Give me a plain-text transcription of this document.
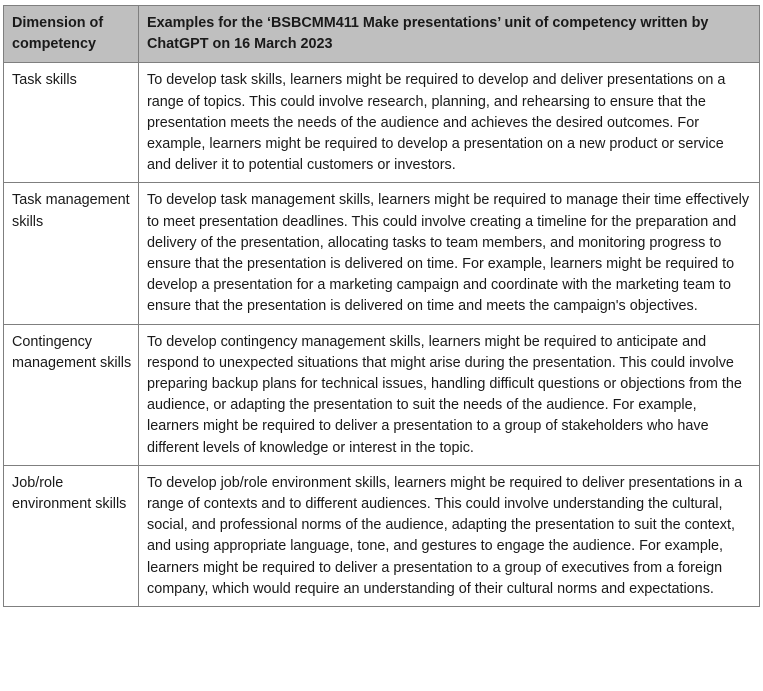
Dimension of competency	Examples for the ‘BSBCMM411 Make presentations’ unit of competency written by ChatGPT on 16 March 2023
Task skills	To develop task skills, learners might be required to develop and deliver presentations on a range of topics. This could involve research, planning, and rehearsing to ensure that the presentation meets the needs of the audience and achieves the desired outcomes. For example, learners might be required to develop a presentation on a new product or service and deliver it to potential customers or investors.
Task management skills	To develop task management skills, learners might be required to manage their time effectively to meet presentation deadlines. This could involve creating a timeline for the preparation and delivery of the presentation, allocating tasks to team members, and monitoring progress to ensure that the presentation is delivered on time. For example, learners might be required to develop a presentation for a marketing campaign and coordinate with the marketing team to ensure that the presentation is delivered on time and meets the campaign's objectives.
Contingency management skills	To develop contingency management skills, learners might be required to anticipate and respond to unexpected situations that might arise during the presentation. This could involve preparing backup plans for technical issues, handling difficult questions or objections from the audience, or adapting the presentation to suit the needs of the audience. For example, learners might be required to deliver a presentation to a group of stakeholders who have different levels of knowledge or interest in the topic.
Job/role environment skills	To develop job/role environment skills, learners might be required to deliver presentations in a range of contexts and to different audiences. This could involve understanding the cultural, social, and professional norms of the audience, adapting the presentation to suit the context, and using appropriate language, tone, and gestures to engage the audience. For example, learners might be required to deliver a presentation to a group of executives from a foreign company, which would require an understanding of their cultural norms and expectations.
